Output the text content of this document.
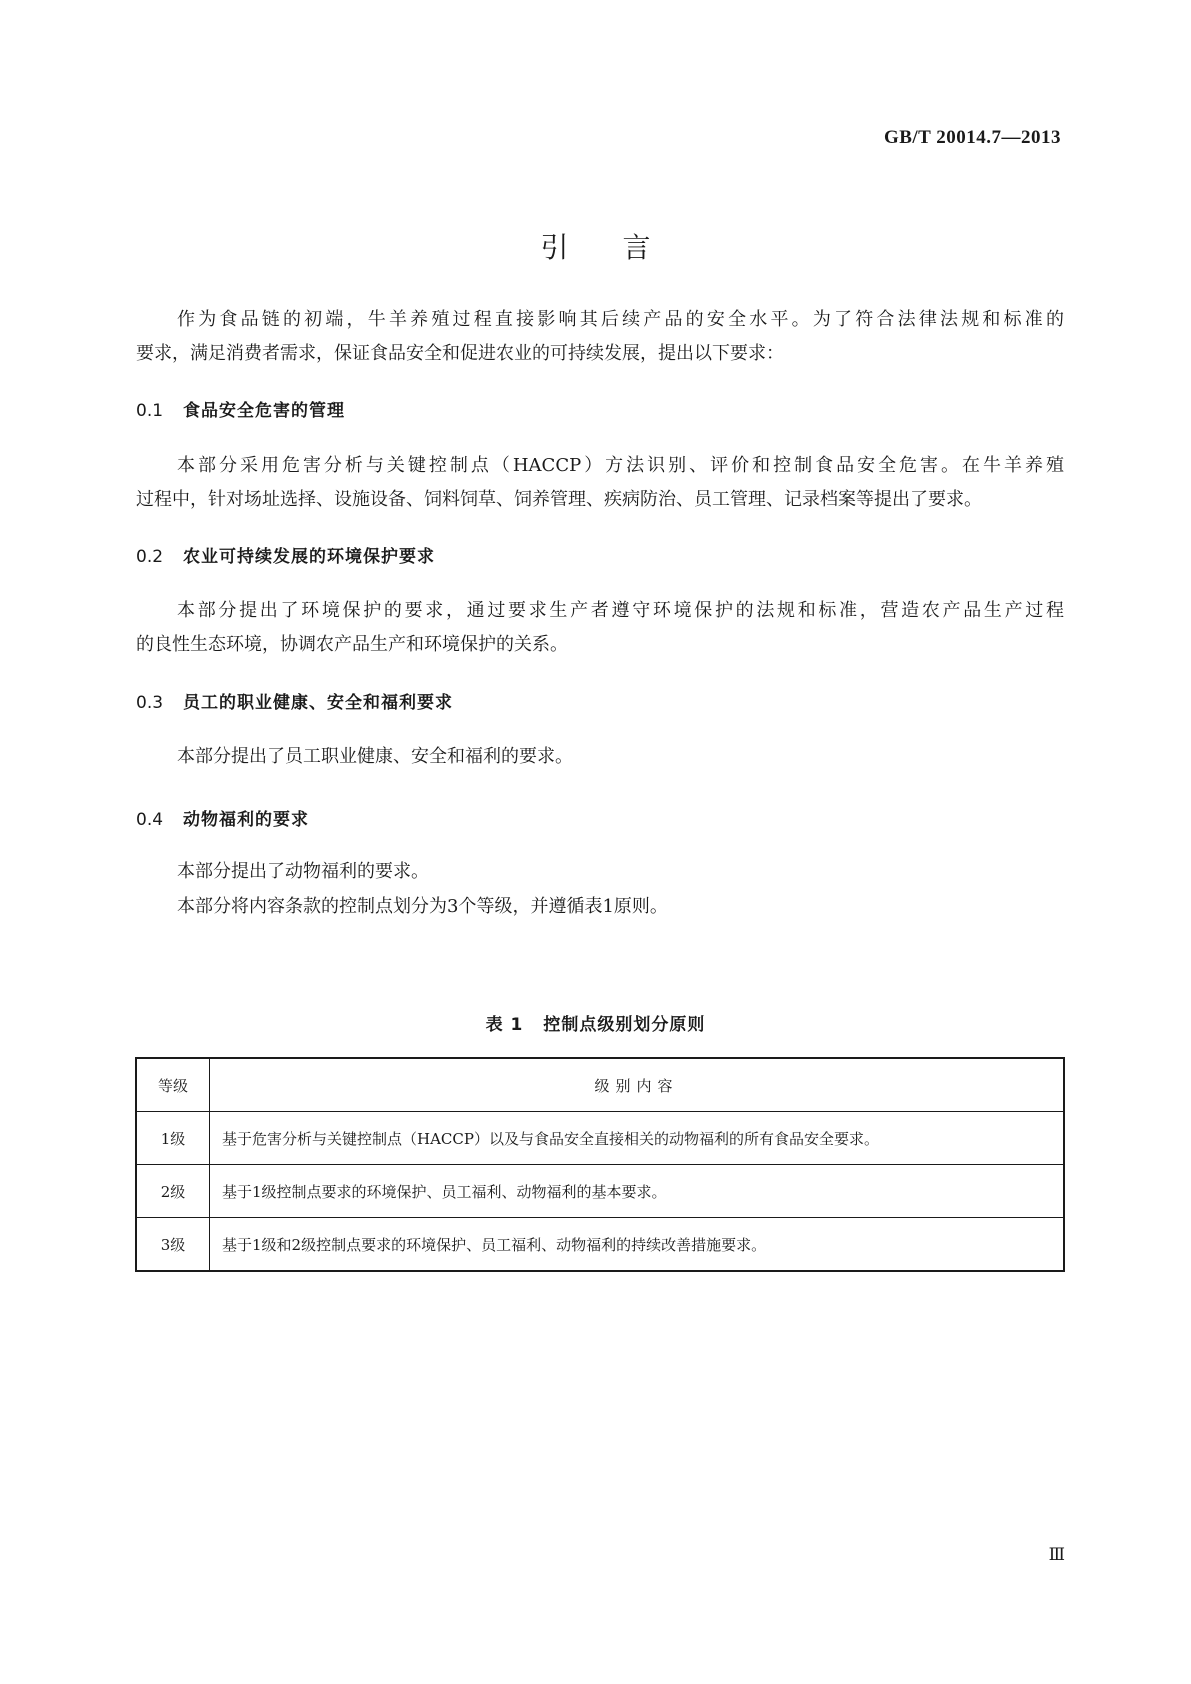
GB/T 20014.7—2013
引言
作为食品链的初端，牛羊养殖过程直接影响其后续产品的安全水平。为了符合法律法规和标准的
要求，满足消费者需求，保证食品安全和促进农业的可持续发展，提出以下要求：
0.1 食品安全危害的管理
本部分采用危害分析与关键控制点（HACCP）方法识别、评价和控制食品安全危害。在牛羊养殖
过程中，针对场址选择、设施设备、饲料饲草、饲养管理、疾病防治、员工管理、记录档案等提出了要求。
0.2 农业可持续发展的环境保护要求
本部分提出了环境保护的要求，通过要求生产者遵守环境保护的法规和标准，营造农产品生产过程
的良性生态环境，协调农产品生产和环境保护的关系。
0.3 员工的职业健康、安全和福利要求
本部分提出了员工职业健康、安全和福利的要求。
0.4 动物福利的要求
本部分提出了动物福利的要求。
本部分将内容条款的控制点划分为3个等级，并遵循表1原则。
表 1 控制点级别划分原则
等级	级别内容
1级	基于危害分析与关键控制点（HACCP）以及与食品安全直接相关的动物福利的所有食品安全要求。
2级	基于1级控制点要求的环境保护、员工福利、动物福利的基本要求。
3级	基于1级和2级控制点要求的环境保护、员工福利、动物福利的持续改善措施要求。
Ⅲ
